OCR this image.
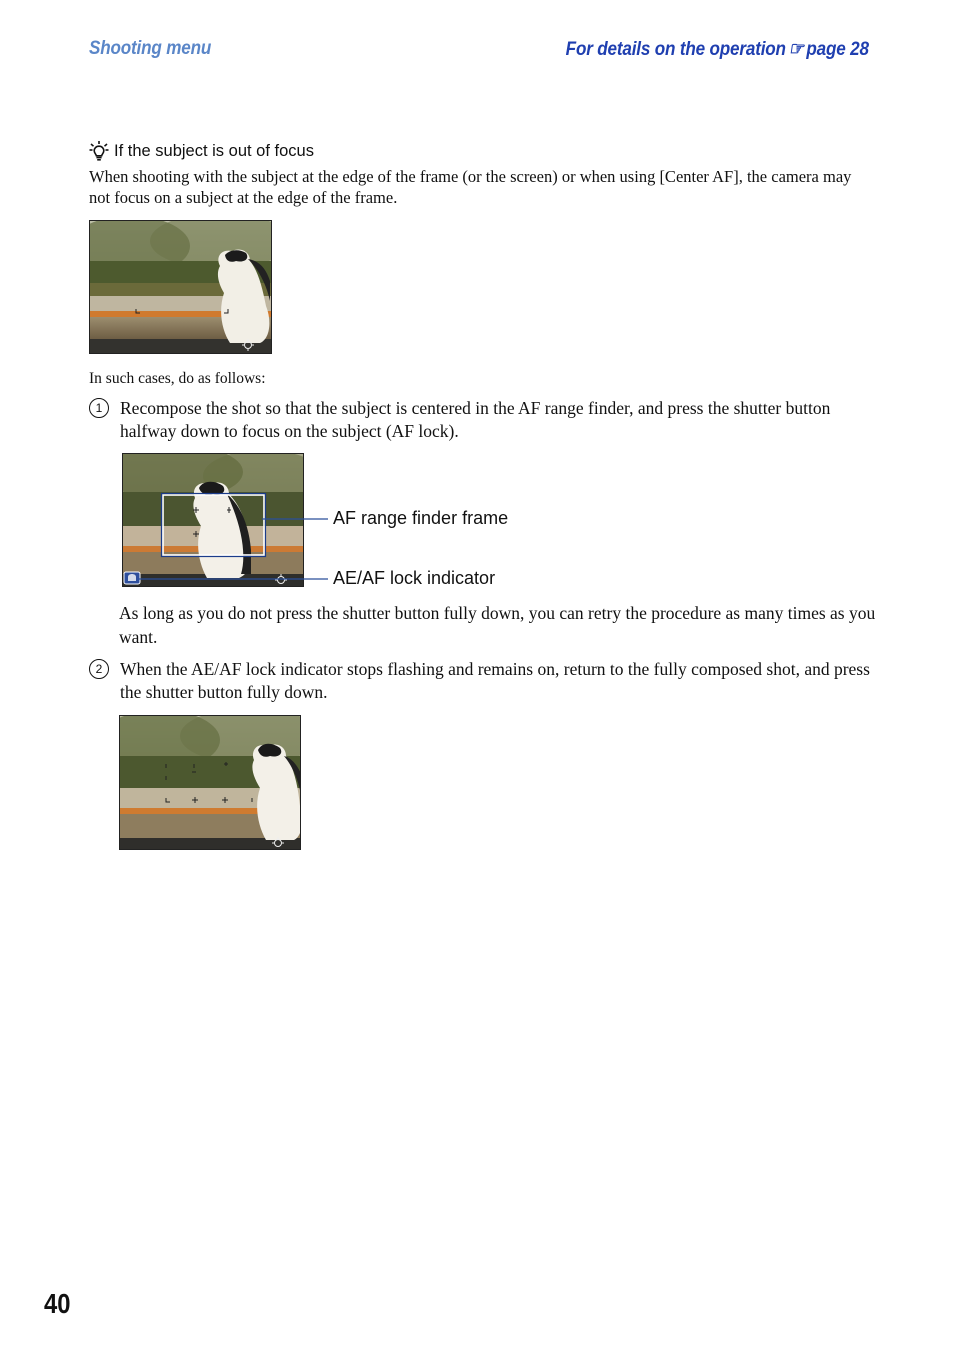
Shooting menu	For details on the operation ☞ page 28
If the subject is out of focus
When shooting with the subject at the edge of the frame (or the screen) or when using [Center AF], the camera may not focus on a subject at the edge of the frame.
In such cases, do as follows:
1	Recompose the shot so that the subject is centered in the AF range finder, and press the shutter button halfway down to focus on the subject (AF lock).
AF range finder frame
AE/AF lock indicator
As long as you do not press the shutter button fully down, you can retry the procedure as many times as you want.
2	When the AE/AF lock indicator stops flashing and remains on, return to the fully composed shot, and press the shutter button fully down.
40
